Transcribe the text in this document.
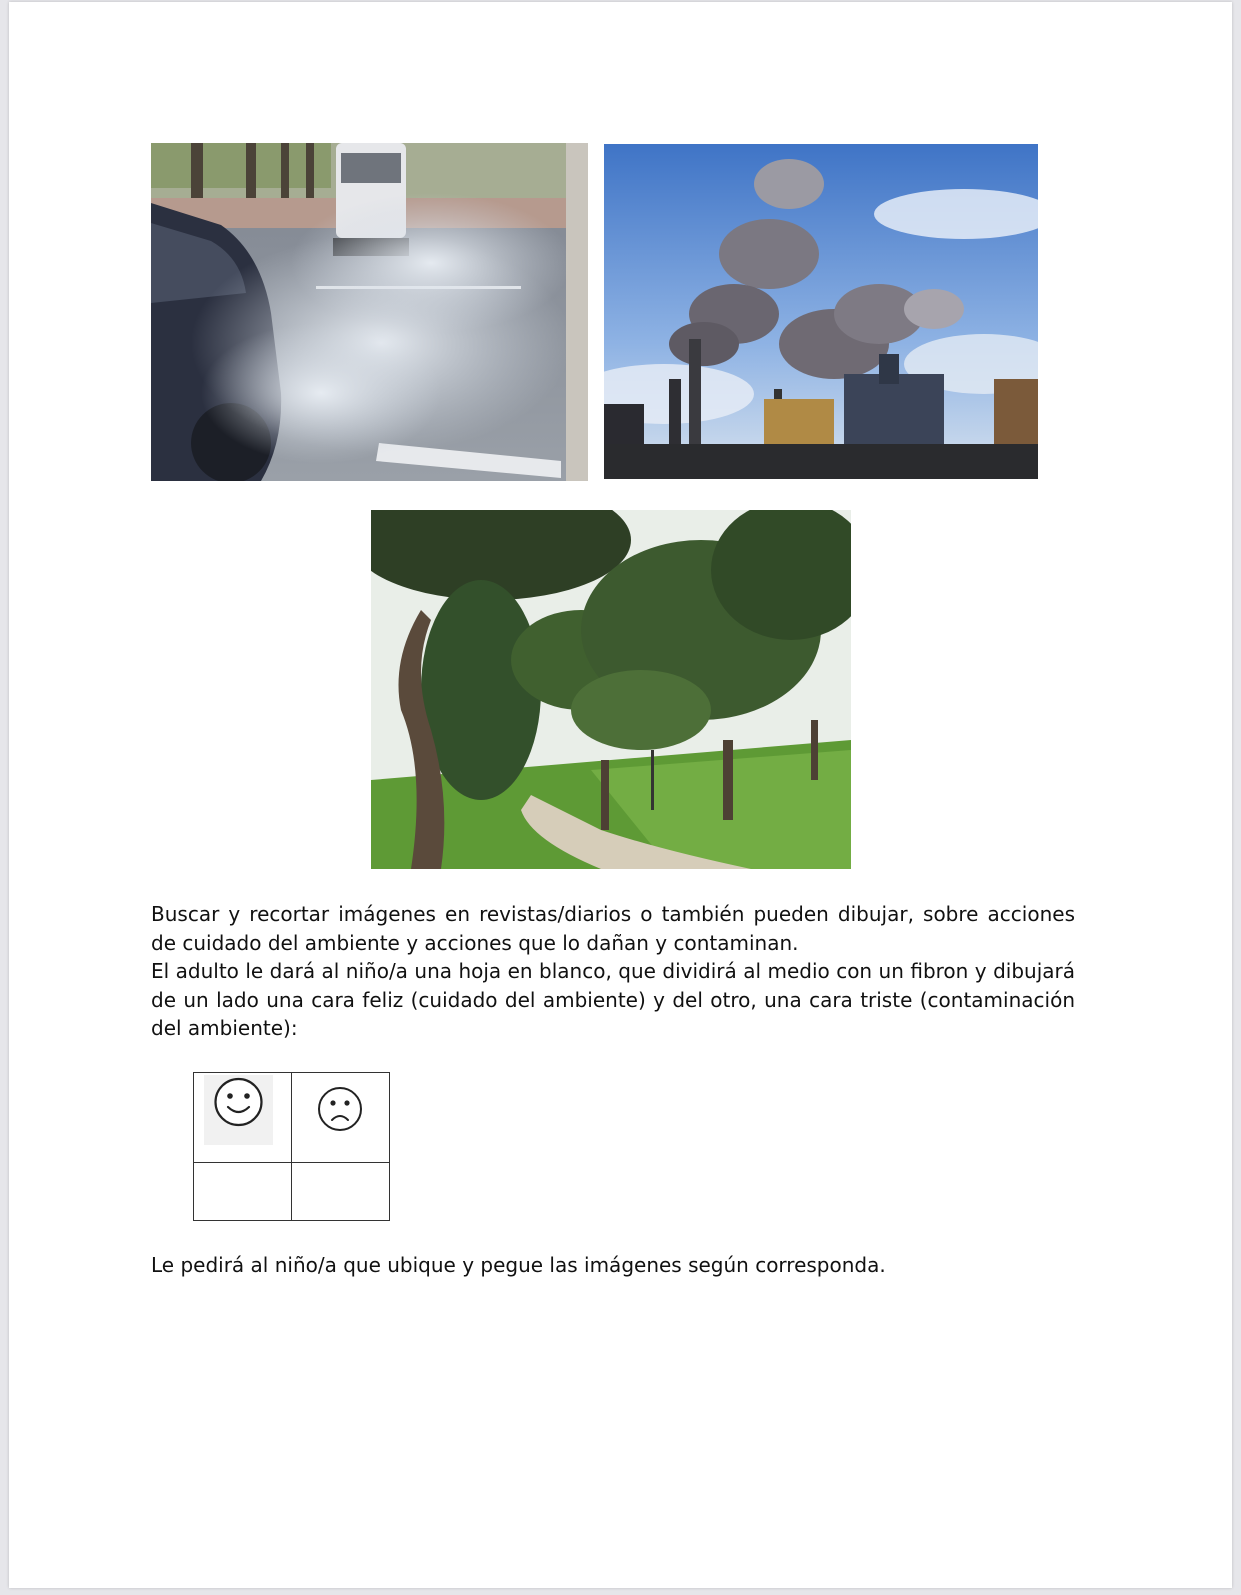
Buscar y recortar imágenes en revistas/diarios o también pueden dibujar, sobre acciones de cuidado del ambiente y acciones que lo dañan y contaminan.

El adulto le dará al niño/a una hoja en blanco, que dividirá al medio con un fibron y dibujará de un lado una cara feliz (cuidado del ambiente) y del otro, una cara triste (contaminación del ambiente):

Le pedirá al niño/a que ubique y pegue las imágenes según corresponda.
